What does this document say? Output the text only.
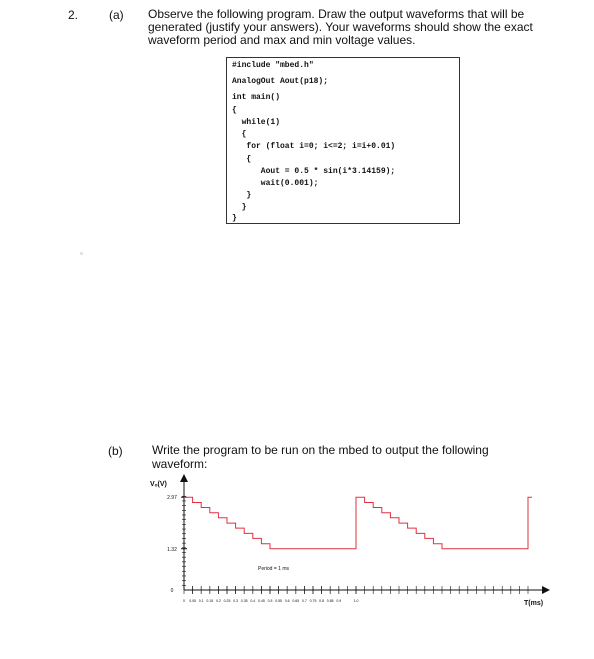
2.	(a) Observe the following program. Draw the output waveforms that will be generated (justify your answers). Your waveforms should show the exact waveform period and max and min voltage values.
#include "mbed.h"
AnalogOut Aout(p18);
int main()
{
while(1)
{
for (float i=0; i<=2; i=i+0.01)
{
Aout = 0.5 * sin(i*3.14159);
wait(0.001);
}
}
}
(b) Write the program to be run on the mbed to output the following waveform:
Vₒ(V)
T(ms)
Period = 1 ms
2.97
1.32
0
0 0.05 0.1 0.15 0.2 0.25 0.3 0.35 0.4 0.45 0.5 0.55 0.6 0.65 0.7 0.75 0.8 0.85 0.9	1.0
